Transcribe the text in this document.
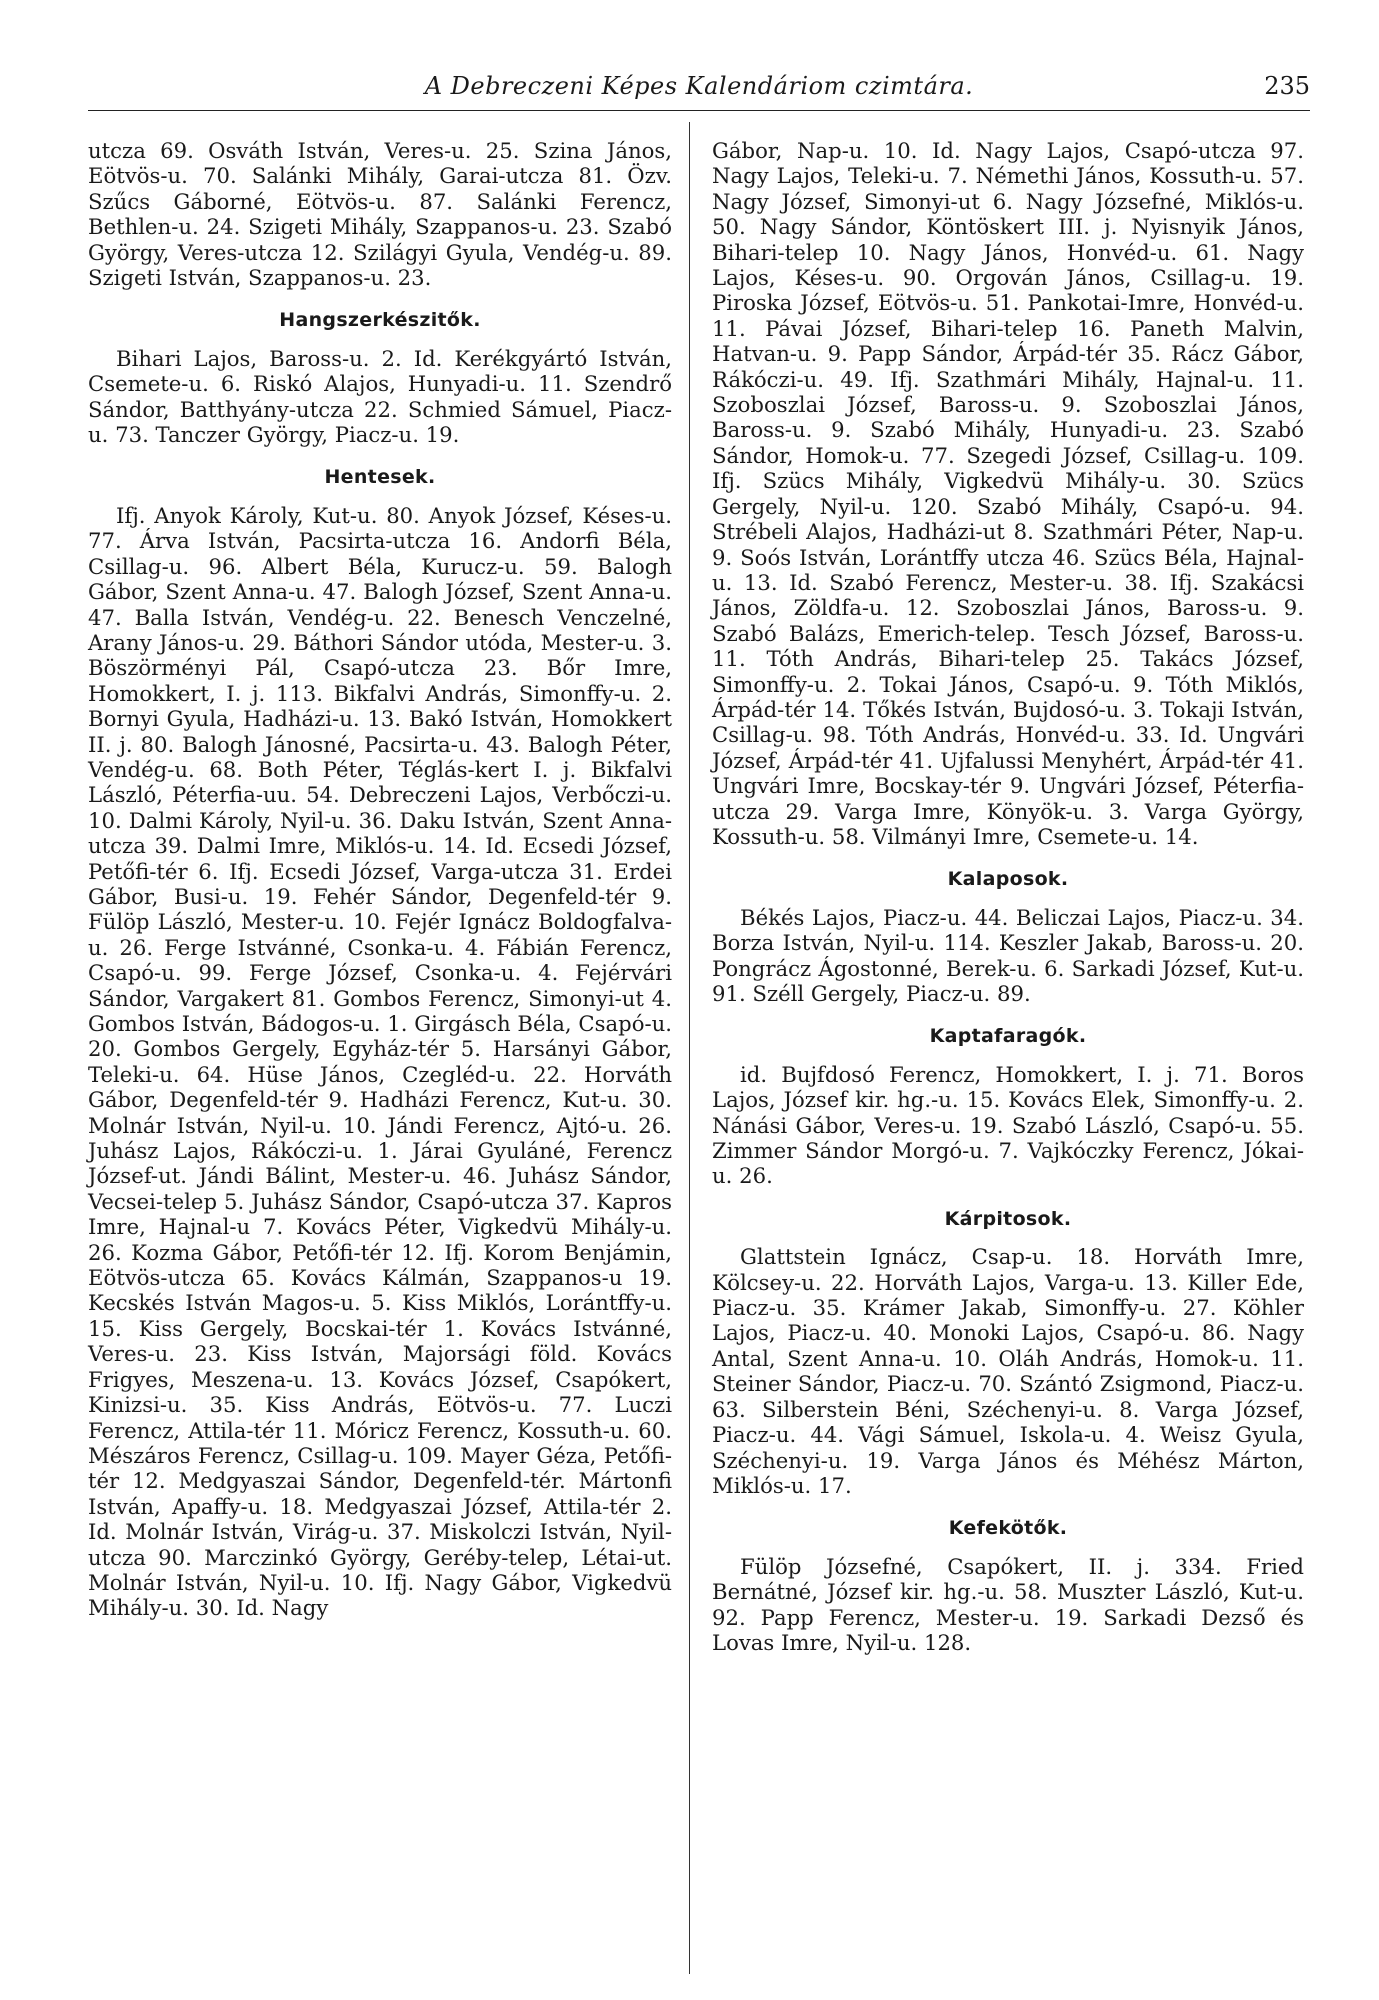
A Debreczeni Képes Kalendáriom czimtára.	235

utcza 69. Osváth István, Veres-u. 25. Szina János, Eötvös-u. 70. Salánki Mihály, Garai-utcza 81. Özv. Szűcs Gáborné, Eötvös-u. 87. Salánki Ferencz, Bethlen-u. 24. Szigeti Mihály, Szappanos-u. 23. Szabó György, Veres-utcza 12. Szilágyi Gyula, Vendég-u. 89. Szigeti István, Szappanos-u. 23.

Hangszerkészitők.

Bihari Lajos, Baross-u. 2. Id. Kerékgyártó István, Csemete-u. 6. Riskó Alajos, Hunyadi-u. 11. Szendrő Sándor, Batthyány-utcza 22. Schmied Sámuel, Piacz-u. 73. Tanczer György, Piacz-u. 19.

Hentesek.

Ifj. Anyok Károly, Kut-u. 80. Anyok József, Késes-u. 77. Árva István, Pacsirta-utcza 16. Andorfi Béla, Csillag-u. 96. Albert Béla, Kurucz-u. 59. Balogh Gábor, Szent Anna-u. 47. Balogh József, Szent Anna-u. 47. Balla István, Vendég-u. 22. Benesch Venczelné, Arany János-u. 29. Báthori Sándor utóda, Mester-u. 3. Böszörményi Pál, Csapó-utcza 23. Bőr Imre, Homokkert, I. j. 113. Bikfalvi András, Simonffy-u. 2. Bornyi Gyula, Hadházi-u. 13. Bakó István, Homokkert II. j. 80. Balogh Jánosné, Pacsirta-u. 43. Balogh Péter, Vendég-u. 68. Both Péter, Téglás-kert I. j. Bikfalvi László, Péterfia-uu. 54. Debreczeni Lajos, Verbőczi-u. 10. Dalmi Károly, Nyil-u. 36. Daku István, Szent Anna-utcza 39. Dalmi Imre, Miklós-u. 14. Id. Ecsedi József, Petőfi-tér 6. Ifj. Ecsedi József, Varga-utcza 31. Erdei Gábor, Busi-u. 19. Fehér Sándor, Degenfeld-tér 9. Fülöp László, Mester-u. 10. Fejér Ignácz Boldogfalva-u. 26. Ferge Istvánné, Csonka-u. 4. Fábián Ferencz, Csapó-u. 99. Ferge József, Csonka-u. 4. Fejérvári Sándor, Vargakert 81. Gombos Ferencz, Simonyi-ut 4. Gombos István, Bádogos-u. 1. Girgásch Béla, Csapó-u. 20. Gombos Gergely, Egyház-tér 5. Harsányi Gábor, Teleki-u. 64. Hüse János, Czegléd-u. 22. Horváth Gábor, Degenfeld-tér 9. Hadházi Ferencz, Kut-u. 30. Molnár István, Nyil-u. 10. Jándi Ferencz, Ajtó-u. 26. Juhász Lajos, Rákóczi-u. 1. Járai Gyuláné, Ferencz József-ut. Jándi Bálint, Mester-u. 46. Juhász Sándor, Vecsei-telep 5. Juhász Sándor, Csapó-utcza 37. Kapros Imre, Hajnal-u 7. Kovács Péter, Vigkedvü Mihály-u. 26. Kozma Gábor, Petőfi-tér 12. Ifj. Korom Benjámin, Eötvös-utcza 65. Kovács Kálmán, Szappanos-u 19. Kecskés István Magos-u. 5. Kiss Miklós, Lorántffy-u. 15. Kiss Gergely, Bocskai-tér 1. Kovács Istvánné, Veres-u. 23. Kiss István, Majorsági föld. Kovács Frigyes, Meszena-u. 13. Kovács József, Csapókert, Kinizsi-u. 35. Kiss András, Eötvös-u. 77. Luczi Ferencz, Attila-tér 11. Móricz Ferencz, Kossuth-u. 60. Mészáros Ferencz, Csillag-u. 109. Mayer Géza, Petőfi-tér 12. Medgyaszai Sándor, Degenfeld-tér. Mártonfi István, Apaffy-u. 18. Medgyaszai József, Attila-tér 2. Id. Molnár István, Virág-u. 37. Miskolczi István, Nyil-utcza 90. Marczinkó György, Geréby-telep, Létai-ut. Molnár István, Nyil-u. 10. Ifj. Nagy Gábor, Vigkedvü Mihály-u. 30. Id. Nagy

Gábor, Nap-u. 10. Id. Nagy Lajos, Csapó-utcza 97. Nagy Lajos, Teleki-u. 7. Némethi János, Kossuth-u. 57. Nagy József, Simonyi-ut 6. Nagy Józsefné, Miklós-u. 50. Nagy Sándor, Köntöskert III. j. Nyisnyik János, Bihari-telep 10. Nagy János, Honvéd-u. 61. Nagy Lajos, Késes-u. 90. Orgován János, Csillag-u. 19. Piroska József, Eötvös-u. 51. Pankotai-Imre, Honvéd-u. 11. Pávai József, Bihari-telep 16. Paneth Malvin, Hatvan-u. 9. Papp Sándor, Árpád-tér 35. Rácz Gábor, Rákóczi-u. 49. Ifj. Szathmári Mihály, Hajnal-u. 11. Szoboszlai József, Baross-u. 9. Szoboszlai János, Baross-u. 9. Szabó Mihály, Hunyadi-u. 23. Szabó Sándor, Homok-u. 77. Szegedi József, Csillag-u. 109. Ifj. Szücs Mihály, Vigkedvü Mihály-u. 30. Szücs Gergely, Nyil-u. 120. Szabó Mihály, Csapó-u. 94. Strébeli Alajos, Hadházi-ut 8. Szathmári Péter, Nap-u. 9. Soós István, Lorántffy utcza 46. Szücs Béla, Hajnal-u. 13. Id. Szabó Ferencz, Mester-u. 38. Ifj. Szakácsi János, Zöldfa-u. 12. Szoboszlai János, Baross-u. 9. Szabó Balázs, Emerich-telep. Tesch József, Baross-u. 11. Tóth András, Bihari-telep 25. Takács József, Simonffy-u. 2. Tokai János, Csapó-u. 9. Tóth Miklós, Árpád-tér 14. Tőkés István, Bujdosó-u. 3. Tokaji István, Csillag-u. 98. Tóth András, Honvéd-u. 33. Id. Ungvári József, Árpád-tér 41. Ujfalussi Menyhért, Árpád-tér 41. Ungvári Imre, Bocskay-tér 9. Ungvári József, Péterfia-utcza 29. Varga Imre, Könyök-u. 3. Varga György, Kossuth-u. 58. Vilmányi Imre, Csemete-u. 14.

Kalaposok.

Békés Lajos, Piacz-u. 44. Beliczai Lajos, Piacz-u. 34. Borza István, Nyil-u. 114. Keszler Jakab, Baross-u. 20. Pongrácz Ágostonné, Berek-u. 6. Sarkadi József, Kut-u. 91. Széll Gergely, Piacz-u. 89.

Kaptafaragók.

id. Bujfdosó Ferencz, Homokkert, I. j. 71. Boros Lajos, József kir. hg.-u. 15. Kovács Elek, Simonffy-u. 2. Nánási Gábor, Veres-u. 19. Szabó László, Csapó-u. 55. Zimmer Sándor Morgó-u. 7. Vajkóczky Ferencz, Jókai-u. 26.

Kárpitosok.

Glattstein Ignácz, Csap-u. 18. Horváth Imre, Kölcsey-u. 22. Horváth Lajos, Varga-u. 13. Killer Ede, Piacz-u. 35. Krámer Jakab, Simonffy-u. 27. Köhler Lajos, Piacz-u. 40. Monoki Lajos, Csapó-u. 86. Nagy Antal, Szent Anna-u. 10. Oláh András, Homok-u. 11. Steiner Sándor, Piacz-u. 70. Szántó Zsigmond, Piacz-u. 63. Silberstein Béni, Széchenyi-u. 8. Varga József, Piacz-u. 44. Vági Sámuel, Iskola-u. 4. Weisz Gyula, Széchenyi-u. 19. Varga János és Méhész Márton, Miklós-u. 17.

Kefekötők.

Fülöp Józsefné, Csapókert, II. j. 334. Fried Bernátné, József kir. hg.-u. 58. Muszter László, Kut-u. 92. Papp Ferencz, Mester-u. 19. Sarkadi Dezső és Lovas Imre, Nyil-u. 128.
